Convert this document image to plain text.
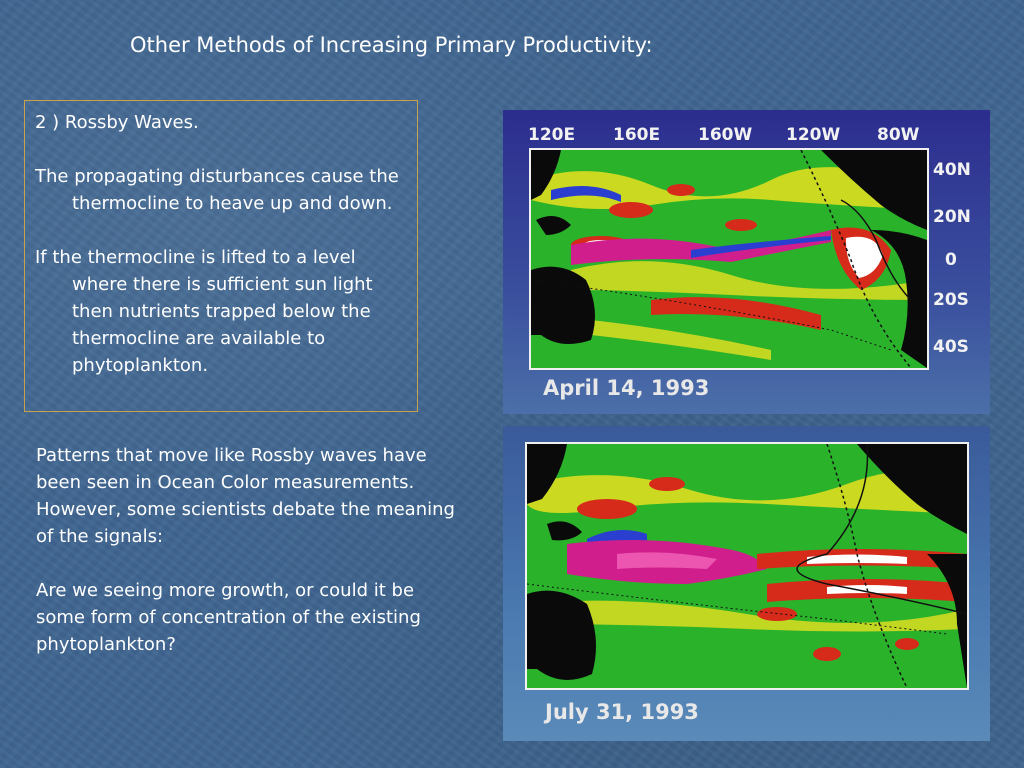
Other Methods of Increasing Primary Productivity:

2 ) Rossby Waves.

The propagating disturbances cause the thermocline to heave up and down.

If the thermocline is lifted to a level where there is sufficient sun light then nutrients trapped below the thermocline are available to phytoplankton.

Patterns that move like Rossby waves have been seen in Ocean Color measurements. However, some scientists debate the meaning of the signals:

Are we seeing more growth, or could it be some form of concentration of the existing phytoplankton?

120E 160E 160W 120W 80W
40N
20N
0
20S
40S
April 14, 1993
July 31, 1993
